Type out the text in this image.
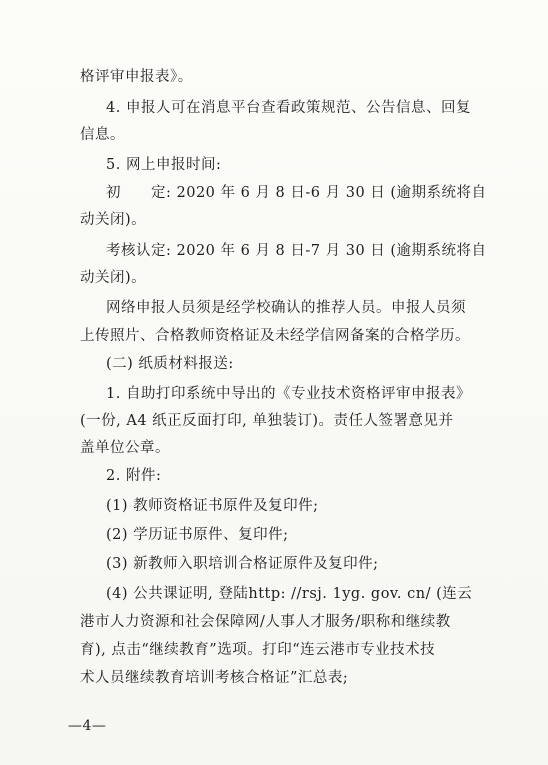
格评审申报表》。
4. 申报人可在消息平台查看政策规范、公告信息、回复
信息。
5. 网上申报时间:
初　　定: 2020 年 6 月 8 日-6 月 30 日 (逾期系统将自
动关闭)。
考核认定: 2020 年 6 月 8 日-7 月 30 日 (逾期系统将自
动关闭)。
网络申报人员须是经学校确认的推荐人员。申报人员须
上传照片、合格教师资格证及未经学信网备案的合格学历。
(二) 纸质材料报送:
1. 自助打印系统中导出的《专业技术资格评审申报表》
(一份, A4 纸正反面打印, 单独装订)。责任人签署意见并
盖单位公章。
2. 附件:
(1) 教师资格证书原件及复印件;
(2) 学历证书原件、复印件;
(3) 新教师入职培训合格证原件及复印件;
(4) 公共课证明, 登陆http: //rsj. 1yg. gov. cn/ (连云
港市人力资源和社会保障网/人事人才服务/职称和继续教
育), 点击“继续教育”选项。打印“连云港市专业技术技
术人员继续教育培训考核合格证”汇总表;
—4—
